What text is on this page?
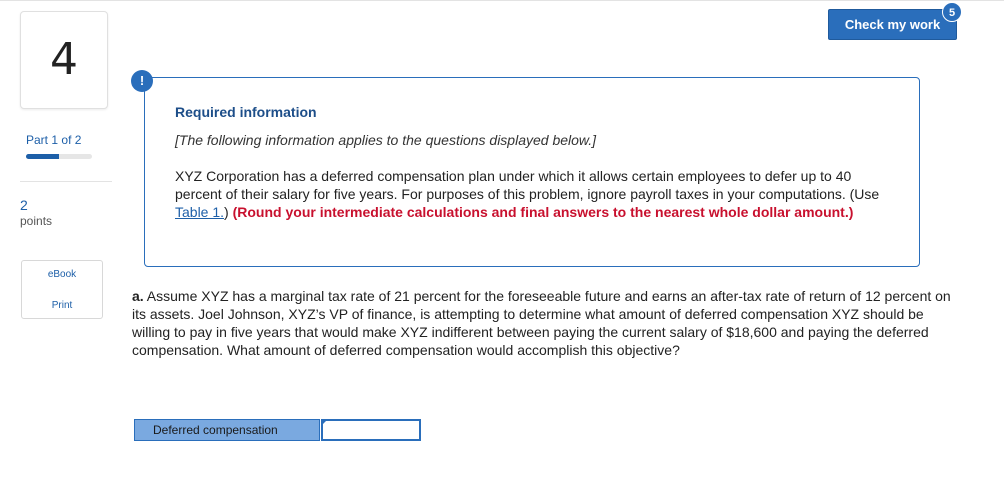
4
Part 1 of 2
2
points
eBook
Print
Check my work
5
Required information
[The following information applies to the questions displayed below.]
XYZ Corporation has a deferred compensation plan under which it allows certain employees to defer up to 40 percent of their salary for five years. For purposes of this problem, ignore payroll taxes in your computations. (Use Table 1.) (Round your intermediate calculations and final answers to the nearest whole dollar amount.)
!
a. Assume XYZ has a marginal tax rate of 21 percent for the foreseeable future and earns an after-tax rate of return of 12 percent on its assets. Joel Johnson, XYZ’s VP of finance, is attempting to determine what amount of deferred compensation XYZ should be willing to pay in five years that would make XYZ indifferent between paying the current salary of $18,600 and paying the deferred compensation. What amount of deferred compensation would accomplish this objective?
Deferred compensation
